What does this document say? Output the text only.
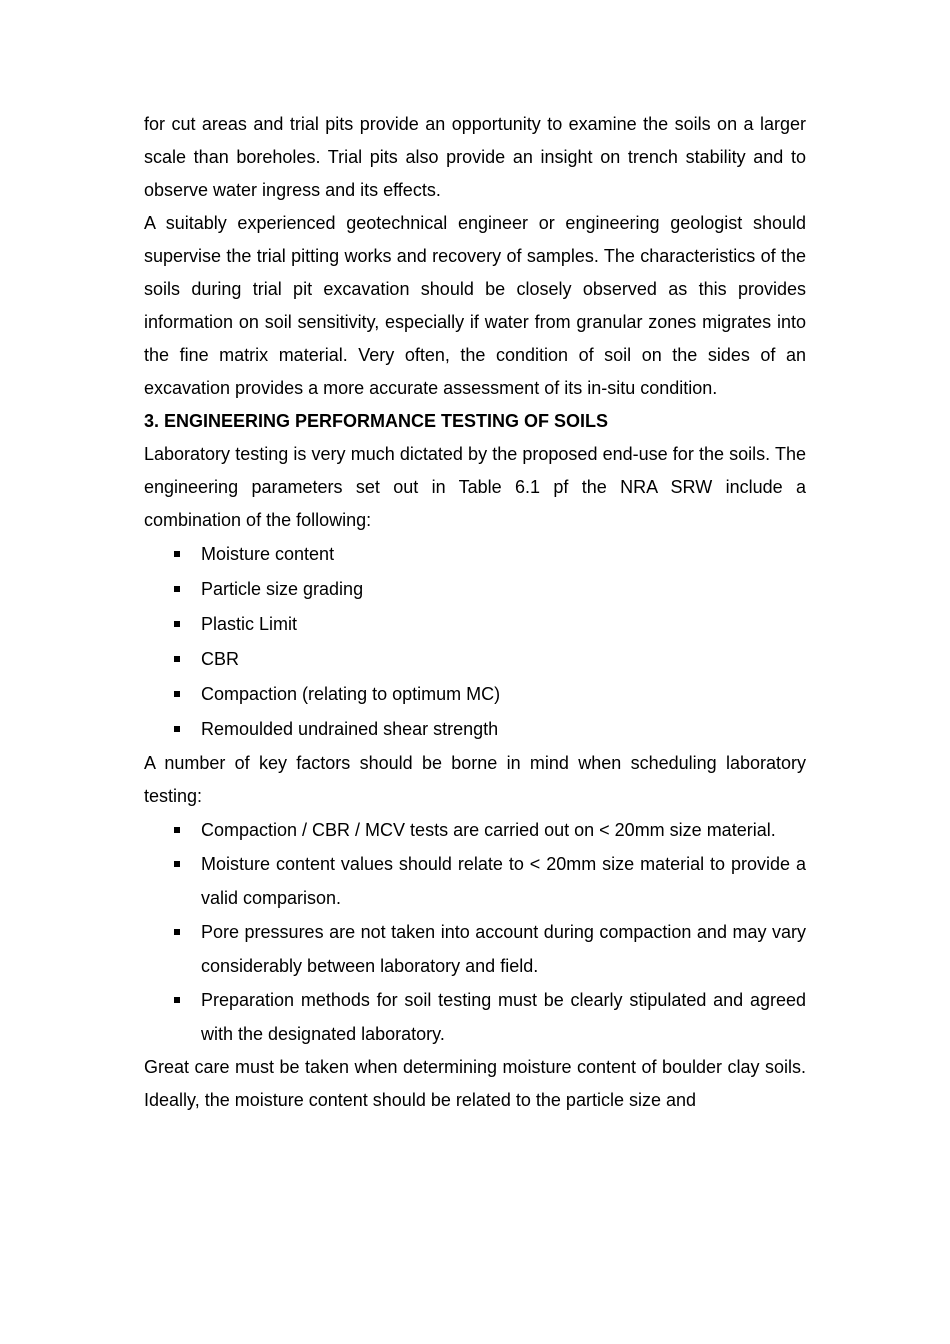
for cut areas and trial pits provide an opportunity to examine the soils on a larger scale than boreholes. Trial pits also provide an insight on trench stability and to observe water ingress and its effects.

A suitably experienced geotechnical engineer or engineering geologist should supervise the trial pitting works and recovery of samples. The characteristics of the soils during trial pit excavation should be closely observed as this provides information on soil sensitivity, especially if water from granular zones migrates into the fine matrix material. Very often, the condition of soil on the sides of an excavation provides a more accurate assessment of its in-situ condition.

3. ENGINEERING PERFORMANCE TESTING OF SOILS

Laboratory testing is very much dictated by the proposed end-use for the soils. The engineering parameters set out in Table 6.1 pf the NRA SRW include a combination of the following:

Moisture content
Particle size grading
Plastic Limit
CBR
Compaction (relating to optimum MC)
Remoulded undrained shear strength

A number of key factors should be borne in mind when scheduling laboratory testing:

Compaction / CBR / MCV tests are carried out on < 20mm size material.
Moisture content values should relate to < 20mm size material to provide a valid comparison.
Pore pressures are not taken into account during compaction and may vary considerably between laboratory and field.
Preparation methods for soil testing must be clearly stipulated and agreed with the designated laboratory.

Great care must be taken when determining moisture content of boulder clay soils. Ideally, the moisture content should be related to the particle size and
